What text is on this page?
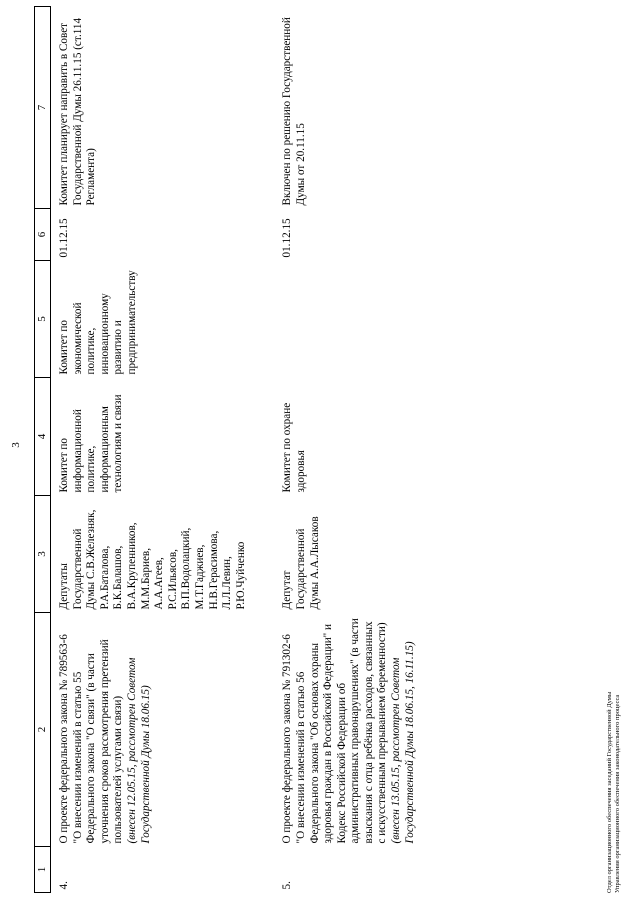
3
1	2	3	4	5	6	7
4.	О проекте федерального закона № 789563-6 "О внесении изменений в статью 55 Федерального закона "О связи" (в части уточнения сроков рассмотрения претензий пользователей услугами связи) (внесен 12.05.15, рассмотрен Советом Государственной Думы 18.06.15)	Депутаты Государственной Думы С.В.Железняк, Р.А.Баталова, Б.К.Балашов, В.А.Крупенников, М.М.Бариев, А.А.Агеев, Р.С.Ильясов, В.П.Водолацкий, М.Т.Гаджиев, Н.В.Герасимова, Л.Л.Левин, Р.Ю.Чуйченко	Комитет по информационной политике, информационным технологиям и связи	Комитет по экономической политике, инновационному развитию и предпринимательству	01.12.15	Комитет планирует направить в Совет Государственной Думы 26.11.15 (ст.114 Регламента)
5.	О проекте федерального закона № 791302-6 "О внесении изменений в статью 56 Федерального закона "Об основах охраны здоровья граждан в Российской Федерации" и Кодекс Российской Федерации об административных правонарушениях" (в части взыскания с отца ребёнка расходов, связанных с искусственным прерыванием беременности) (внесен 13.05.15, рассмотрен Советом Государственной Думы 18.06.15, 16.11.15)	Депутат Государственной Думы А.А.Лысаков	Комитет по охране здоровья		01.12.15	Включен по решению Государственной Думы от 20.11.15
Отдел организационного обеспечения заседаний Государственной Думы Управления организационного обеспечения законодательного процесса
